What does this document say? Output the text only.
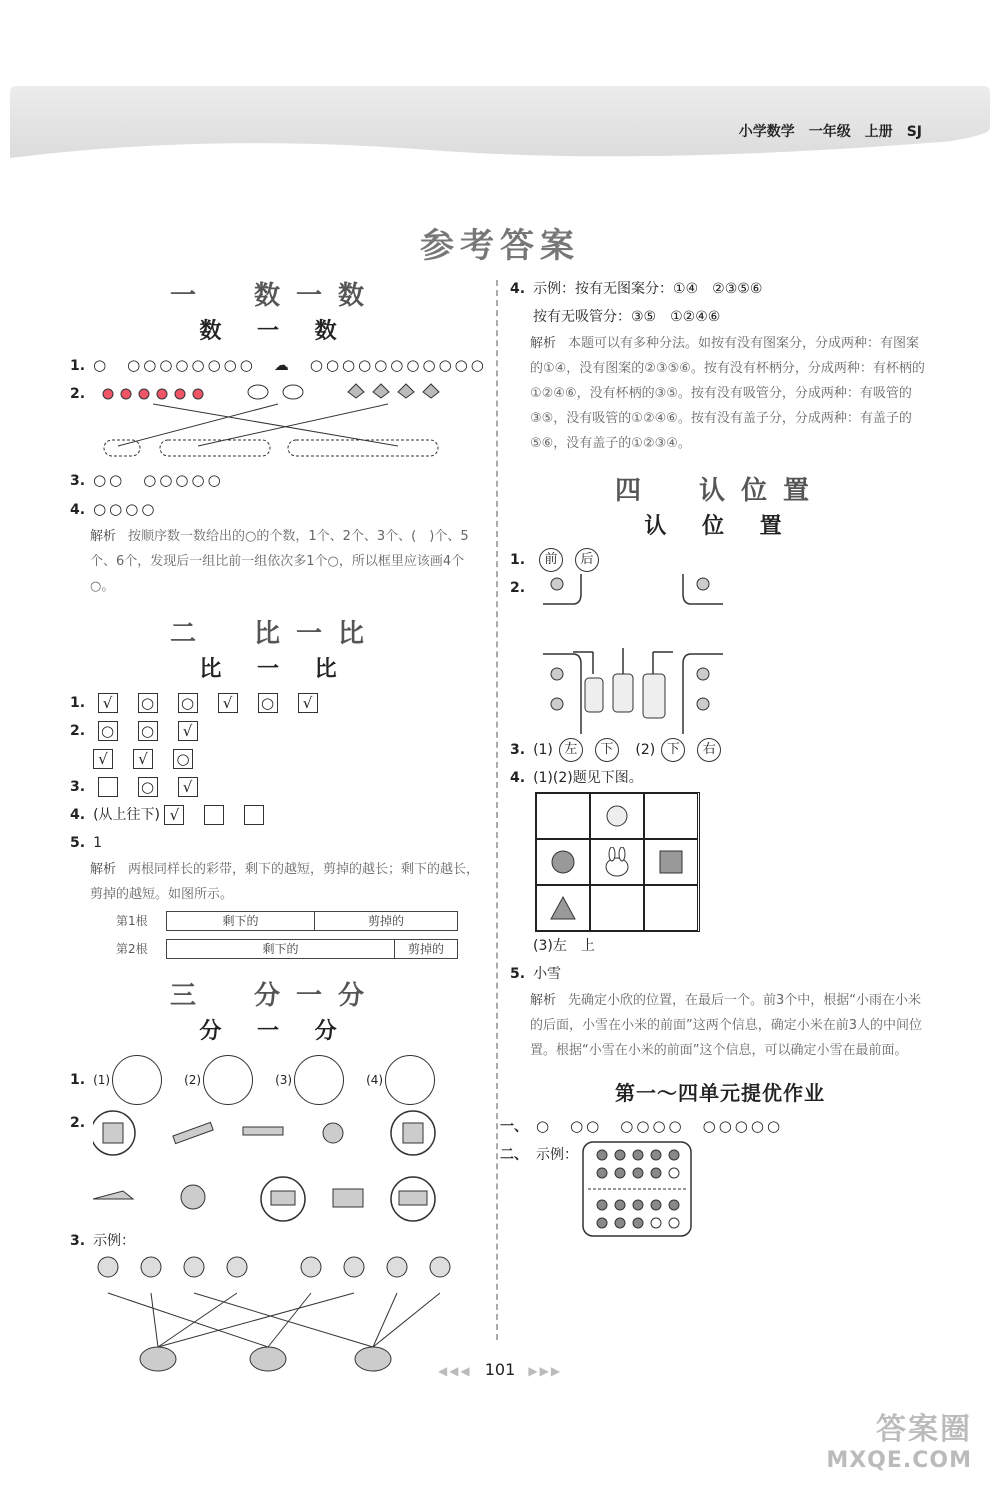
小学数学　一年级　上册　SJ
参考答案
一　数一数
数 一 数
1. ○　○○○○○○○○　☁　○○○○○○○○○○○
2.
3. ○○　○○○○○
4. ○○○○
解析 按顺序数一数给出的○的个数，1个、2个、3个、(　)个、5个、6个，发现后一组比前一组依次多1个○，所以框里应该画4个○。
二　比一比
比 一 比
1. √ ○ ○ √ ○ √
2. ○ ○ √
√ √ ○
3.	○ √
4. (从上往下) √
5. 1
解析 两根同样长的彩带，剩下的越短，剪掉的越长；剩下的越长，剪掉的越短。如图所示。
第1根	剩下的	剪掉的
第2根	剩下的	剪掉的
三　分一分
分 一 分
1. (1)	(2)	(3)	(4)
2.
3. 示例：
4. 示例：按有无图案分：①④　②③⑤⑥
按有无吸管分：③⑤　①②④⑥
解析 本题可以有多种分法。如按有没有图案分，分成两种：有图案的①④，没有图案的②③⑤⑥。按有没有杯柄分，分成两种：有杯柄的①②④⑥，没有杯柄的③⑤。按有没有吸管分，分成两种：有吸管的③⑤，没有吸管的①②④⑥。按有没有盖子分，分成两种：有盖子的⑤⑥，没有盖子的①②③④。
四　认位置
认 位 置
1. 前 后
2.
3. (1) 左 下 (2) 下 右
4. (1)(2)题见下图。
(3)左　上
5. 小雪
解析 先确定小欣的位置，在最后一个。前3个中，根据“小雨在小米的后面，小雪在小米的前面”这两个信息，确定小米在前3人的中间位置。根据“小雪在小米的前面”这个信息，可以确定小雪在最前面。
第一～四单元提优作业
一、 ○　○○　○○○○　○○○○○
二、 示例：
◀◀◀ 101 ▶▶▶
答案圈
MXQE.COM
